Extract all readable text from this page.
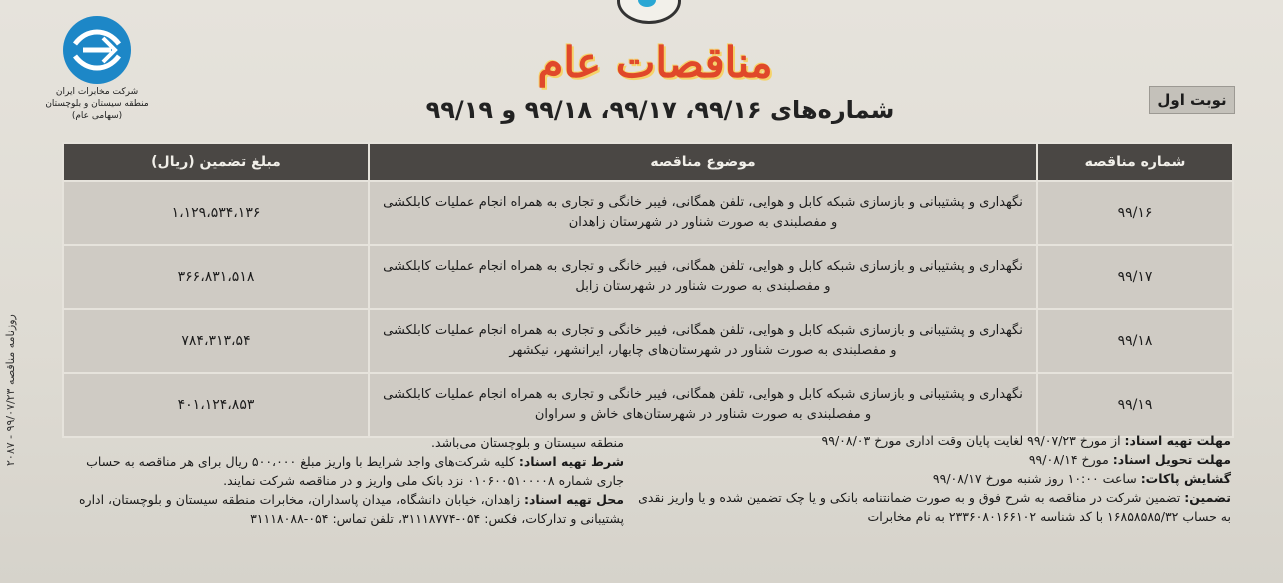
شرکت مخابرات ایران
منطقه سیستان و بلوچستان
(سهامی عام)
مناقصات عام
نوبت اول
شماره‌های ۹۹/۱۶، ۹۹/۱۷، ۹۹/۱۸ و ۹۹/۱۹
روزنامه مناقصه ۹۹/۰۷/۲۳ - ۲۰۸۷
شماره مناقصه	موضوع مناقصه	مبلغ تضمین (ریال)
۹۹/۱۶	نگهداری و پشتیبانی و بازسازی شبکه کابل و هوایی، تلفن همگانی، فیبر خانگی و تجاری به همراه انجام عملیات کابلکشی و مفصلبندی به صورت شناور در شهرستان زاهدان	۱،۱۲۹،۵۳۴،۱۳۶
۹۹/۱۷	نگهداری و پشتیبانی و بازسازی شبکه کابل و هوایی، تلفن همگانی، فیبر خانگی و تجاری به همراه انجام عملیات کابلکشی و مفصلبندی به صورت شناور در شهرستان زابل	۳۶۶،۸۳۱،۵۱۸
۹۹/۱۸	نگهداری و پشتیبانی و بازسازی شبکه کابل و هوایی، تلفن همگانی، فیبر خانگی و تجاری به همراه انجام عملیات کابلکشی و مفصلبندی به صورت شناور در شهرستان‌های چابهار، ایرانشهر، نیکشهر	۷۸۴،۳۱۳،۵۴
۹۹/۱۹	نگهداری و پشتیبانی و بازسازی شبکه کابل و هوایی، تلفن همگانی، فیبر خانگی و تجاری به همراه انجام عملیات کابلکشی و مفصلبندی به صورت شناور در شهرستان‌های خاش و سراوان	۴۰۱،۱۲۴،۸۵۳
مهلت تهیه اسناد: از مورخ ۹۹/۰۷/۲۳ لغایت پایان وقت اداری مورخ ۹۹/۰۸/۰۳
مهلت تحویل اسناد: مورخ ۹۹/۰۸/۱۴
گشایش پاکات: ساعت ۱۰:۰۰ روز شنبه مورخ ۹۹/۰۸/۱۷
تضمین: تضمین شرکت در مناقصه به شرح فوق و به صورت ضمانتنامه بانکی و یا چک تضمین شده و یا واریز نقدی به حساب ۱۶۸۵۸۵۸۵/۳۲ با کد شناسه ۲۳۳۶۰۸۰۱۶۶۱۰۲ به نام مخابرات
منطقه سیستان و بلوچستان می‌باشد.
شرط تهیه اسناد: کلیه شرکت‌های واجد شرایط با واریز مبلغ ۵۰۰،۰۰۰ ریال برای هر مناقصه به حساب جاری شماره ۰۱۰۶۰۰۵۱۰۰۰۰۸ نزد بانک ملی واریز و در مناقصه شرکت نمایند.
محل تهیه اسناد: زاهدان، خیابان دانشگاه، میدان پاسداران، مخابرات منطقه سیستان و بلوچستان، اداره پشتیبانی و تدارکات، فکس: ۰۵۴-۳۱۱۱۸۷۷۴، تلفن تماس: ۰۵۴-۳۱۱۱۸۰۸۸
